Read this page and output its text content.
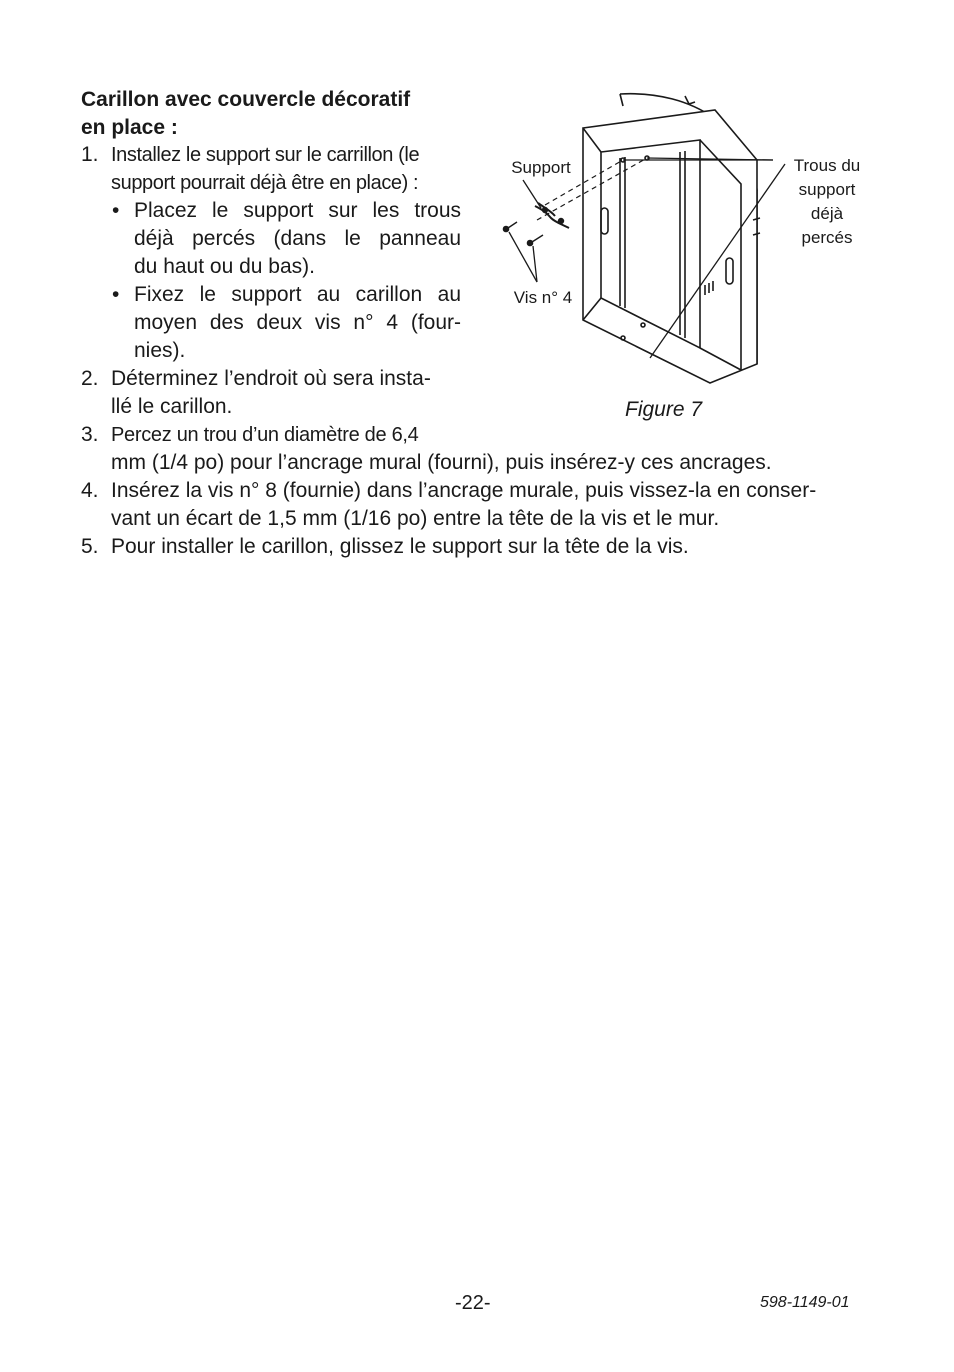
Carillon avec couvercle décoratif
en place :
1. Installez le support sur le carrillon (le
support pourrait déjà être en place) :
• Placez le support sur les trous
déjà percés (dans le panneau
du haut ou du bas).
• Fixez le support au carillon au
moyen des deux vis n° 4 (four-
nies).
2. Déterminez l’endroit où sera insta-
llé le carillon.
3. Percez un trou d’un diamètre de 6,4
mm (1/4 po) pour l’ancrage mural (fourni), puis insérez-y ces ancrages.
4. Insérez la vis n° 8 (fournie) dans l’ancrage murale, puis vissez-la en conser-
vant un écart de 1,5 mm (1/16 po) entre la tête de la vis et le mur.
5. Pour installer le carillon, glissez le support sur la tête de la vis.
Support
Vis n° 4
Trous du
support
déjà
percés
Figure 7
-22-	598-1149-01
